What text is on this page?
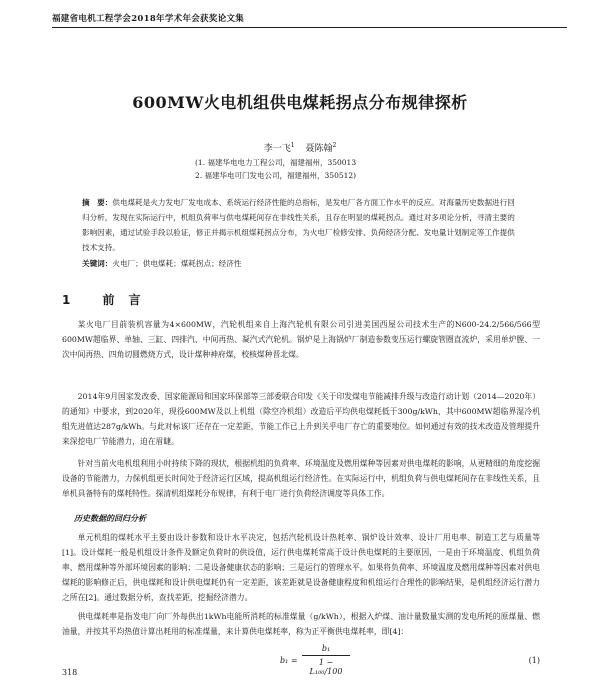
福建省电机工程学会2018年学术年会获奖论文集
600MW火电机组供电煤耗拐点分布规律探析
李一飞$^1$ 聂陈翰$^2$
(1. 福建华电电力工程公司，福建福州，350013
2. 福建华电可门发电公司，福建福州，350512)
摘　要：供电煤耗是火力发电厂发电成本、系统运行经济性能的总指标，是发电厂各方面工作水平的反应。对海量历史数据进行回归分析，发现在实际运行中，机组负荷率与供电煤耗间存在非线性关系，且存在明显的煤耗拐点。通过对多项论分析，寻清主要的影响因素，通过试验手段以验证，修正并揭示机组煤耗拐点分布，为火电厂检修安排、负荷经济分配、发电量计划制定等工作提供技术支持。
关键词：火电厂；供电煤耗；煤耗拐点；经济性
1 前言
某火电厂目前装机容量为4×600MW，汽轮机组来自上海汽轮机有限公司引进美国西屋公司技术生产的N600-24.2/566/566型600MW超临界、单轴、三缸、四排汽、中间再热、凝汽式汽轮机。锅炉是上海锅炉厂制造参数变压运行螺旋管圈直流炉，采用单炉膛、一次中间再热、四角切圆燃烧方式，设计煤种神府煤，校核煤种晋北煤。
2014年9月国家发改委、国家能源局和国家环保部等三部委联合印发《关于印发煤电节能减排升级与改造行动计划（2014—2020年）的通知》中要求，到2020年，现役600MW及以上机组（除空冷机组）改造后平均供电煤耗低于300g/kWh，其中600MW超临界湿冷机组先进值达287g/kWh。与此对标该厂还存在一定差距，节能工作已上升到关乎电厂存亡的重要地位。如何通过有效的技术改造及管理提升来深挖电厂节能潜力，迫在眉睫。
针对当前火电机组利用小时持续下降的现状，根据机组的负荷率、环境温度及燃用煤种等因素对供电煤耗的影响，从更精细的角度挖掘设备的节能潜力，力保机组更长时间处于经济运行区域，提高机组运行经济性。在实际运行中，机组负荷与供电煤耗间存在非线性关系，且单机具备特有的煤耗特性。探清机组煤耗分布规律，有利于电厂进行负荷经济调度等具体工作。
历史数据的回归分析
单元机组的煤耗水平主要由设计参数和设计水平决定，包括汽轮机设计热耗率、锅炉设计效率、设计厂用电率、制造工艺与质量等[1]。设计煤耗一般是机组设计条件及额定负荷时的供设值，运行供电煤耗常高于设计供电煤耗的主要原因，一是由于环境温度、机组负荷率、燃用煤种等外部环境因素的影响；二是设备健康状态的影响；三是运行的管理水平。如果将负荷率、环境温度及燃用煤种等因素对供电煤耗的影响修正后，供电煤耗和设计供电煤耗仍有一定差距，该差距就是设备健康程度和机组运行合理性的影响结果，是机组经济运行潜力之所在[2]。通过数据分析，查找差距，挖掘经济潜力。
供电煤耗率是指发电厂向厂外每供出1kWh电能所消耗的标准煤量（g/kWh），根据入炉煤、油计量数量实测的发电所耗的原煤量、燃油量，并按其平均热值计算出耗用的标准煤量，来计算供电煤耗率，称为正平衡供电煤耗率，即[4]：
$b_1 = \frac{\text{b₁}}{\text{1 − L₁₀₀/100}}$	(1)
318
